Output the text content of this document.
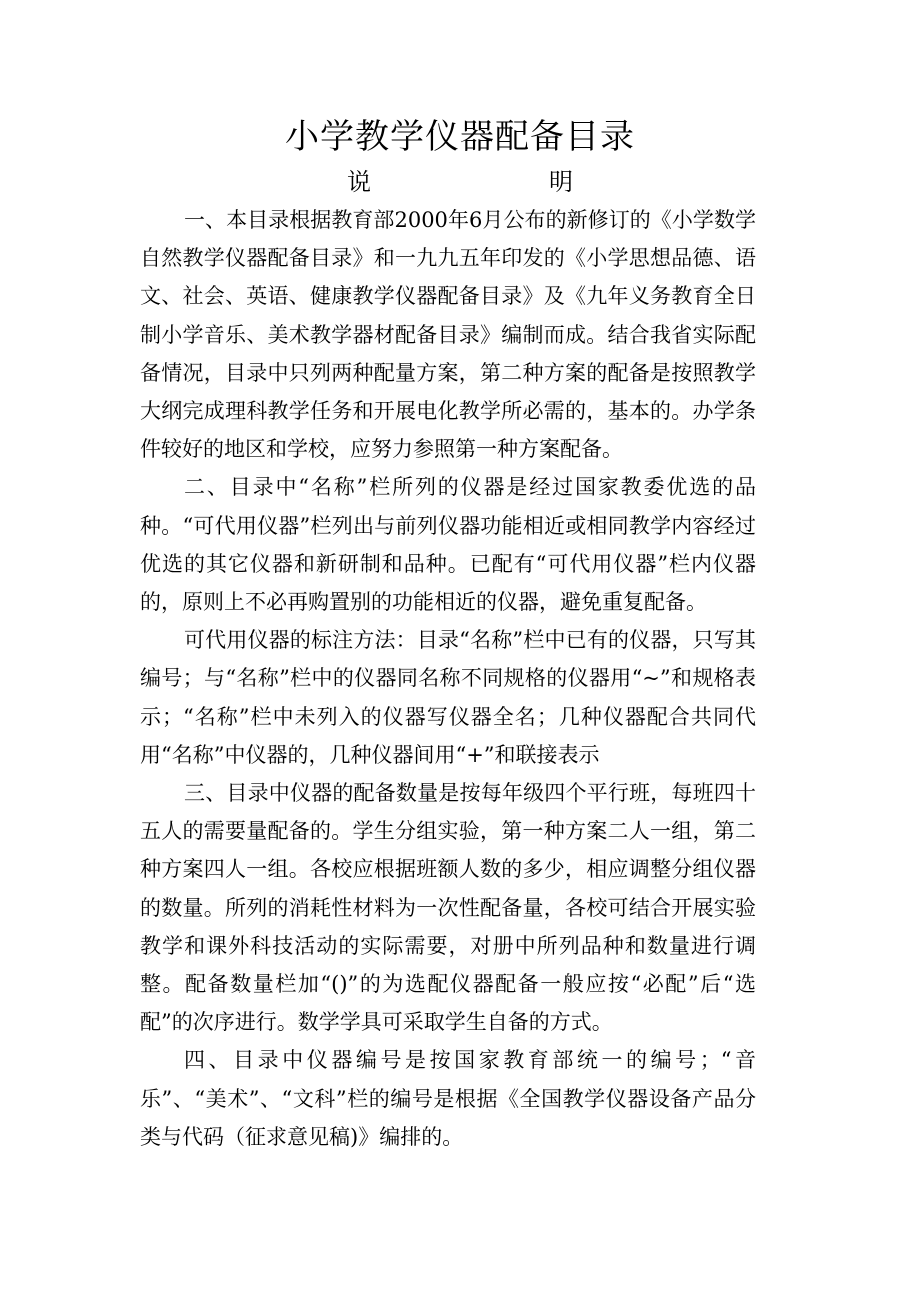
小学教学仪器配备目录
说	明

一、本目录根据教育部2000年6月公布的新修订的《小学数学自然教学仪器配备目录》和一九九五年印发的《小学思想品德、语文、社会、英语、健康教学仪器配备目录》及《九年义务教育全日制小学音乐、美术教学器材配备目录》编制而成。结合我省实际配备情况，目录中只列两种配量方案，第二种方案的配备是按照教学大纲完成理科教学任务和开展电化教学所必需的，基本的。办学条件较好的地区和学校，应努力参照第一种方案配备。

二、目录中“名称”栏所列的仪器是经过国家教委优选的品种。“可代用仪器”栏列出与前列仪器功能相近或相同教学内容经过优选的其它仪器和新研制和品种。已配有“可代用仪器”栏内仪器的，原则上不必再购置别的功能相近的仪器，避免重复配备。

可代用仪器的标注方法：目录“名称”栏中已有的仪器，只写其编号；与“名称”栏中的仪器同名称不同规格的仪器用“~”和规格表示；“名称”栏中未列入的仪器写仪器全名；几种仪器配合共同代用“名称”中仪器的，几种仪器间用“+”和联接表示

三、目录中仪器的配备数量是按每年级四个平行班，每班四十五人的需要量配备的。学生分组实验，第一种方案二人一组，第二种方案四人一组。各校应根据班额人数的多少，相应调整分组仪器的数量。所列的消耗性材料为一次性配备量，各校可结合开展实验教学和课外科技活动的实际需要，对册中所列品种和数量进行调整。配备数量栏加“()”的为选配仪器配备一般应按“必配”后“选配”的次序进行。数学学具可采取学生自备的方式。

四、目录中仪器编号是按国家教育部统一的编号；“音乐”、“美术”、“文科”栏的编号是根据《全国教学仪器设备产品分类与代码（征求意见稿)》编排的。
